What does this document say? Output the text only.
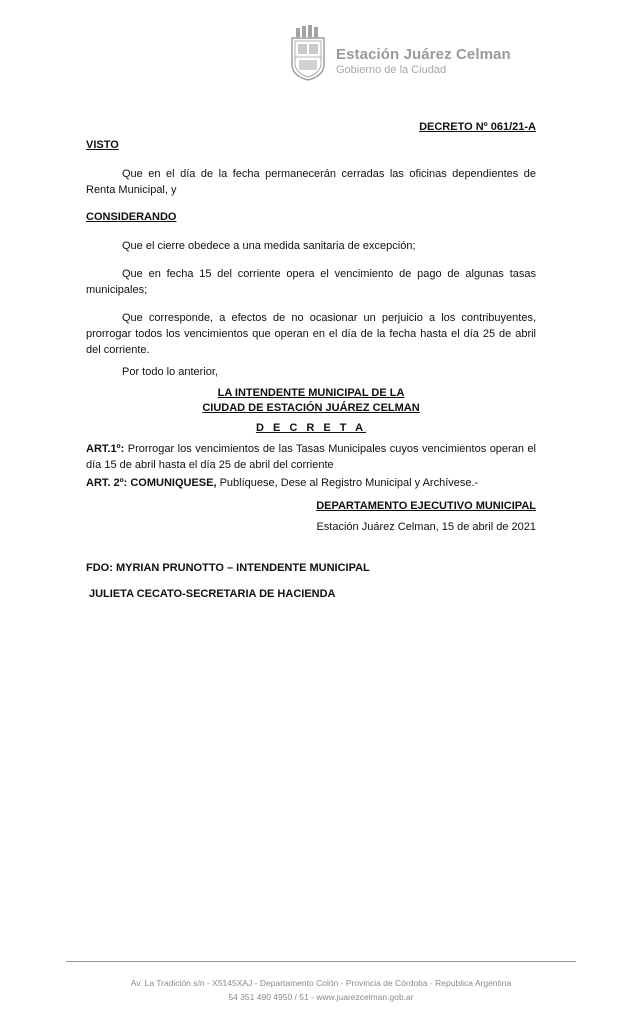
Estación Juárez Celman
Gobierno de la Ciudad
DECRETO Nº 061/21-A
VISTO
Que en el día de la fecha permanecerán cerradas las oficinas dependientes de Renta Municipal, y
CONSIDERANDO
Que el cierre obedece a una medida sanitaria de excepción;
Que en fecha 15 del corriente opera el vencimiento de pago de algunas tasas municipales;
Que corresponde, a efectos de no ocasionar un perjuicio a los contribuyentes, prorrogar todos los vencimientos que operan en el día de la fecha hasta el día 25 de abril del corriente.
Por todo lo anterior,
LA INTENDENTE MUNICIPAL DE LA
CIUDAD DE ESTACIÓN JUÁREZ CELMAN
D E C R E T A
ART.1º: Prorrogar los vencimientos de las Tasas Municipales cuyos vencimientos operan el día 15 de abril hasta el día 25 de abril del corriente
ART. 2º: COMUNIQUESE, Publíquese, Dese al Registro Municipal y Archívese.-
DEPARTAMENTO EJECUTIVO MUNICIPAL
Estación Juárez Celman, 15 de abril de 2021
FDO: MYRIAN PRUNOTTO – INTENDENTE MUNICIPAL
JULIETA CECATO-SECRETARIA DE HACIENDA
Av. La Tradición s/n - X5145XAJ - Departamento Colón - Provincia de Córdoba - Republica Argentina
54 351 490 4950 / 51 - www.juarezcelman.gob.ar
